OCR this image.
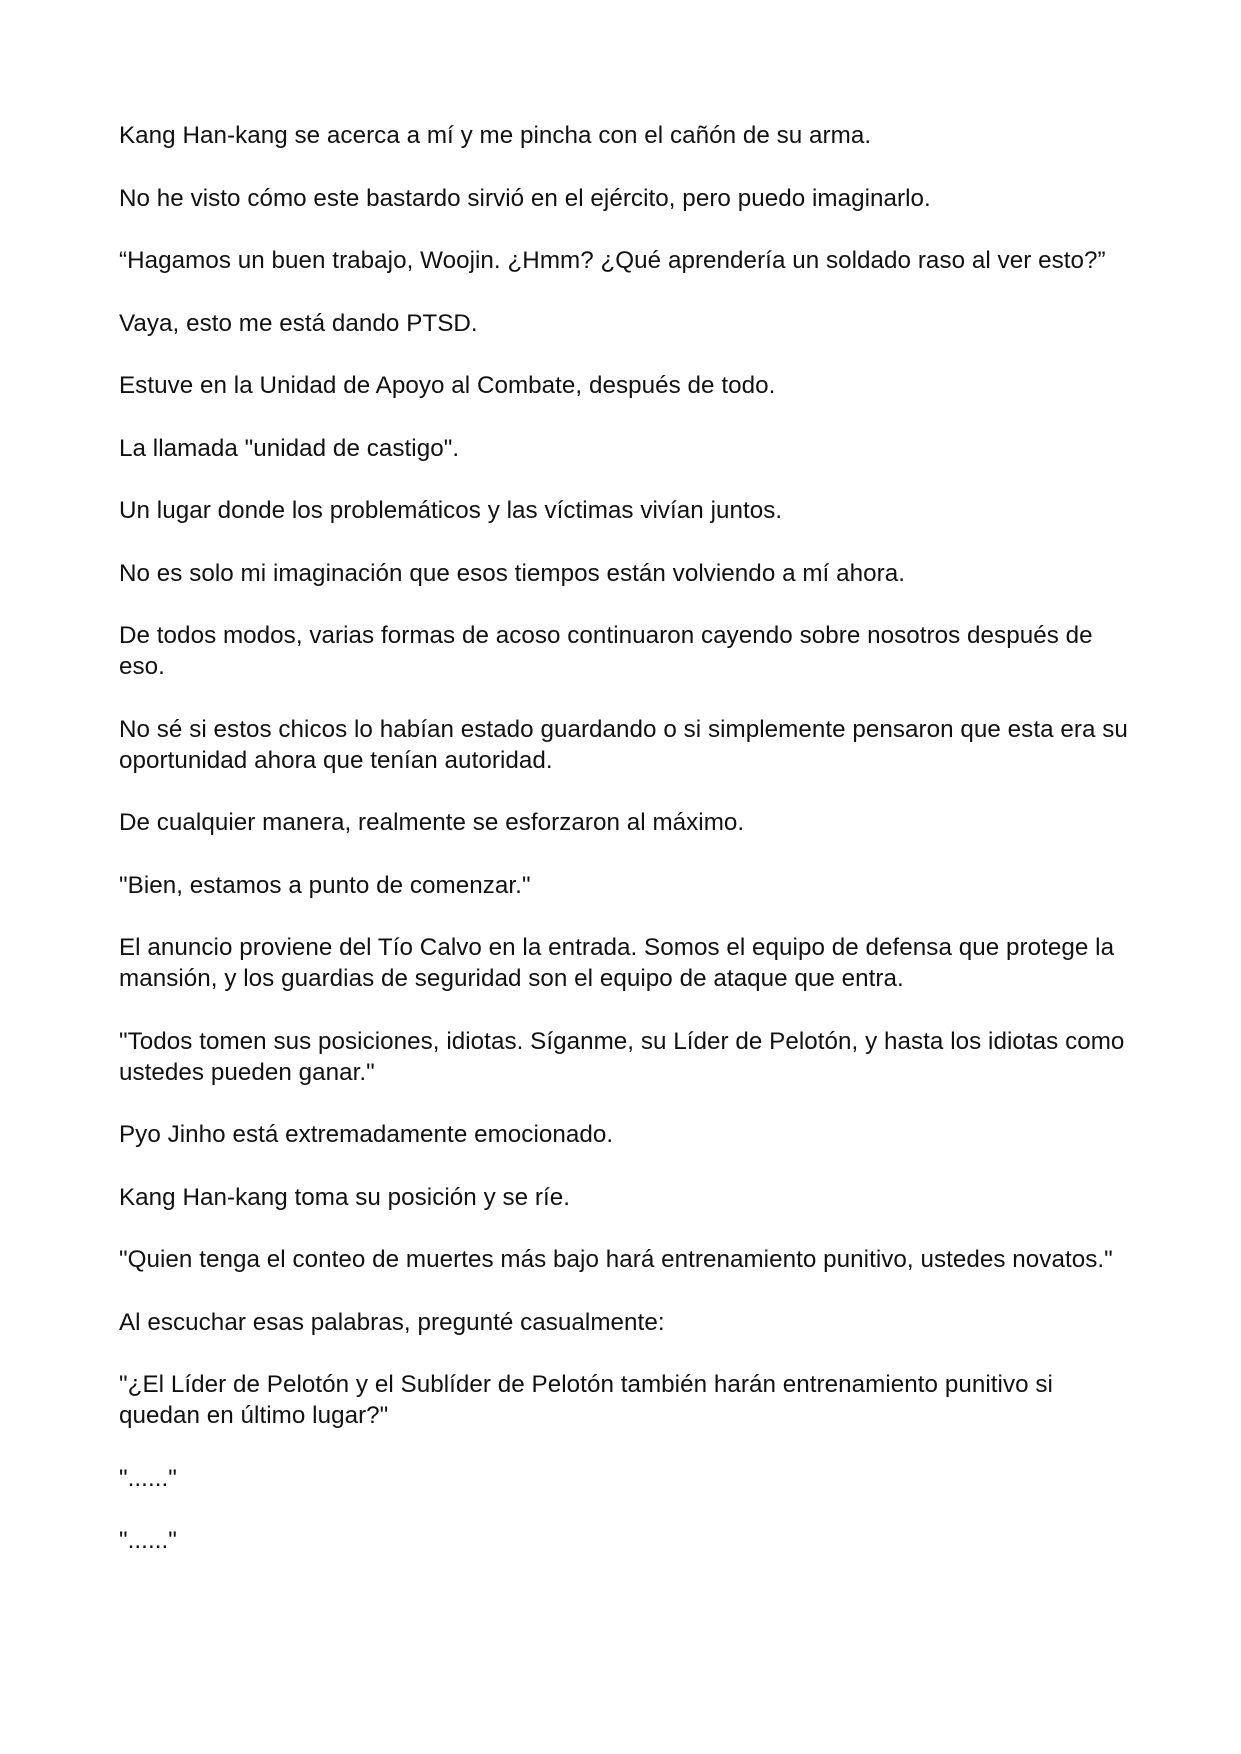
Kang Han-kang se acerca a mí y me pincha con el cañón de su arma.

No he visto cómo este bastardo sirvió en el ejército, pero puedo imaginarlo.

“Hagamos un buen trabajo, Woojin. ¿Hmm? ¿Qué aprendería un soldado raso al ver esto?”

Vaya, esto me está dando PTSD.

Estuve en la Unidad de Apoyo al Combate, después de todo.

La llamada "unidad de castigo".

Un lugar donde los problemáticos y las víctimas vivían juntos.

No es solo mi imaginación que esos tiempos están volviendo a mí ahora.

De todos modos, varias formas de acoso continuaron cayendo sobre nosotros después de eso.

No sé si estos chicos lo habían estado guardando o si simplemente pensaron que esta era su oportunidad ahora que tenían autoridad.

De cualquier manera, realmente se esforzaron al máximo.

"Bien, estamos a punto de comenzar."

El anuncio proviene del Tío Calvo en la entrada. Somos el equipo de defensa que protege la mansión, y los guardias de seguridad son el equipo de ataque que entra.

"Todos tomen sus posiciones, idiotas. Síganme, su Líder de Pelotón, y hasta los idiotas como ustedes pueden ganar."

Pyo Jinho está extremadamente emocionado.

Kang Han-kang toma su posición y se ríe.

"Quien tenga el conteo de muertes más bajo hará entrenamiento punitivo, ustedes novatos."

Al escuchar esas palabras, pregunté casualmente:

"¿El Líder de Pelotón y el Sublíder de Pelotón también harán entrenamiento punitivo si quedan en último lugar?"

"......"

"......"
